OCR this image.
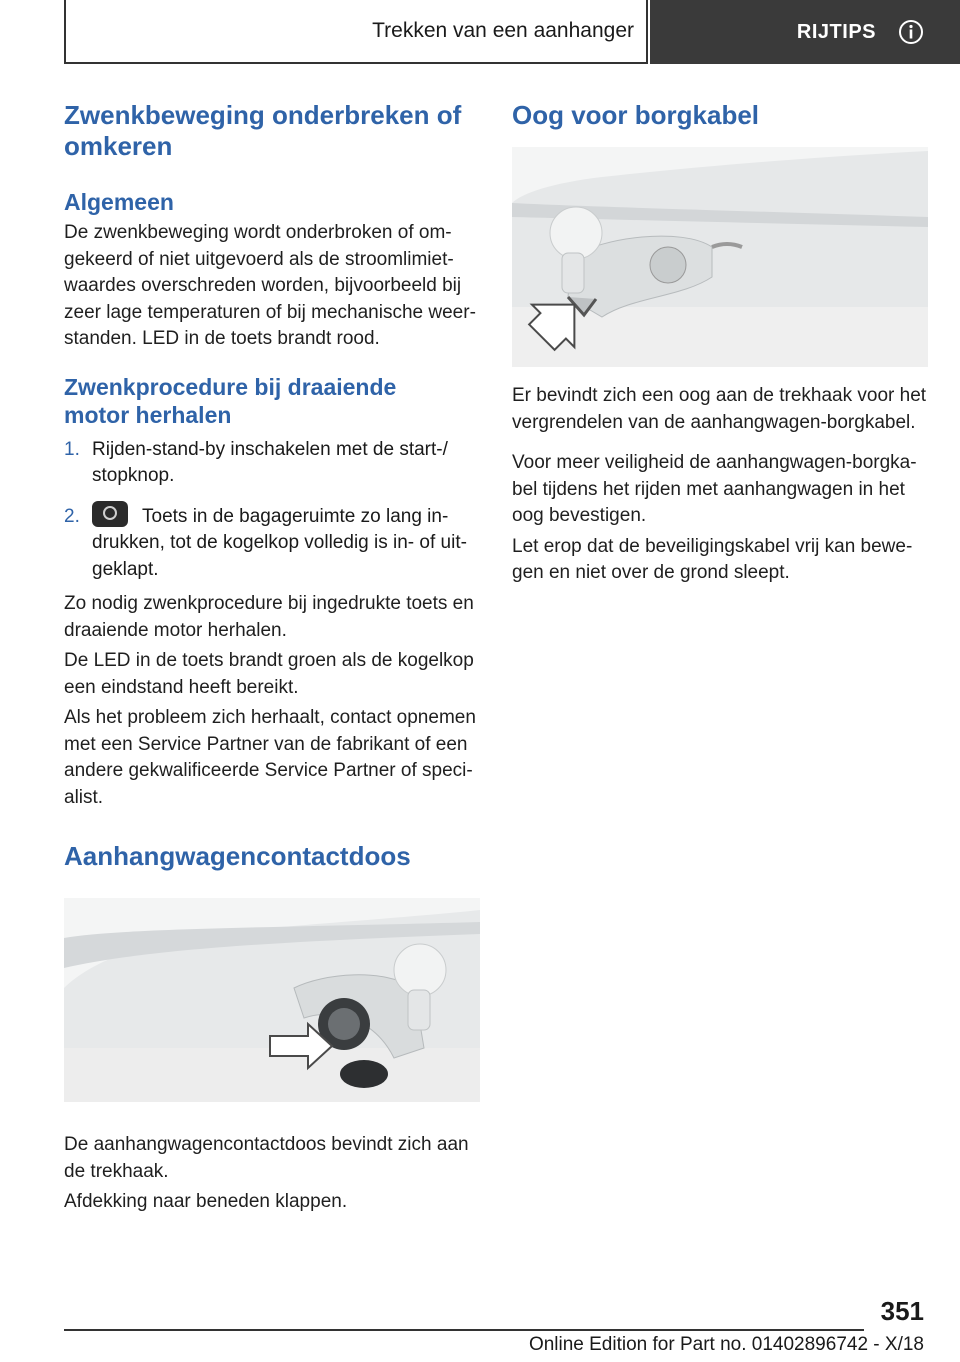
Trekken van een aanhanger	RIJTIPS
Zwenkbeweging onderbreken of omkeren
Algemeen

De zwenkbeweging wordt onderbroken of omgekeerd of niet uitgevoerd als de stroomlimietwaardes overschreden worden, bijvoorbeeld bij zeer lage temperaturen of bij mechanische weerstanden. LED in de toets brandt rood.

Zwenkprocedure bij draaiende motor herhalen
1. Rijden-stand-by inschakelen met de start-/ stopknop.
2.	Toets in de bagageruimte zo lang indrukken, tot de kogelkop volledig is in- of uitgeklapt.

Zo nodig zwenkprocedure bij ingedrukte toets en draaiende motor herhalen.

De LED in de toets brandt groen als de kogelkop een eindstand heeft bereikt.

Als het probleem zich herhaalt, contact opnemen met een Service Partner van de fabrikant of een andere gekwalificeerde Service Partner of specialist.

Aanhangwagencontactdoos

De aanhangwagencontactdoos bevindt zich aan de trekhaak.

Afdekking naar beneden klappen.

Oog voor borgkabel

Er bevindt zich een oog aan de trekhaak voor het vergrendelen van de aanhangwagen-borgkabel.

Voor meer veiligheid de aanhangwagen-borgkabel tijdens het rijden met aanhangwagen in het oog bevestigen.

Let erop dat de beveiligingskabel vrij kan bewegen en niet over de grond sleept.

351
Online Edition for Part no. 01402896742 - X/18
